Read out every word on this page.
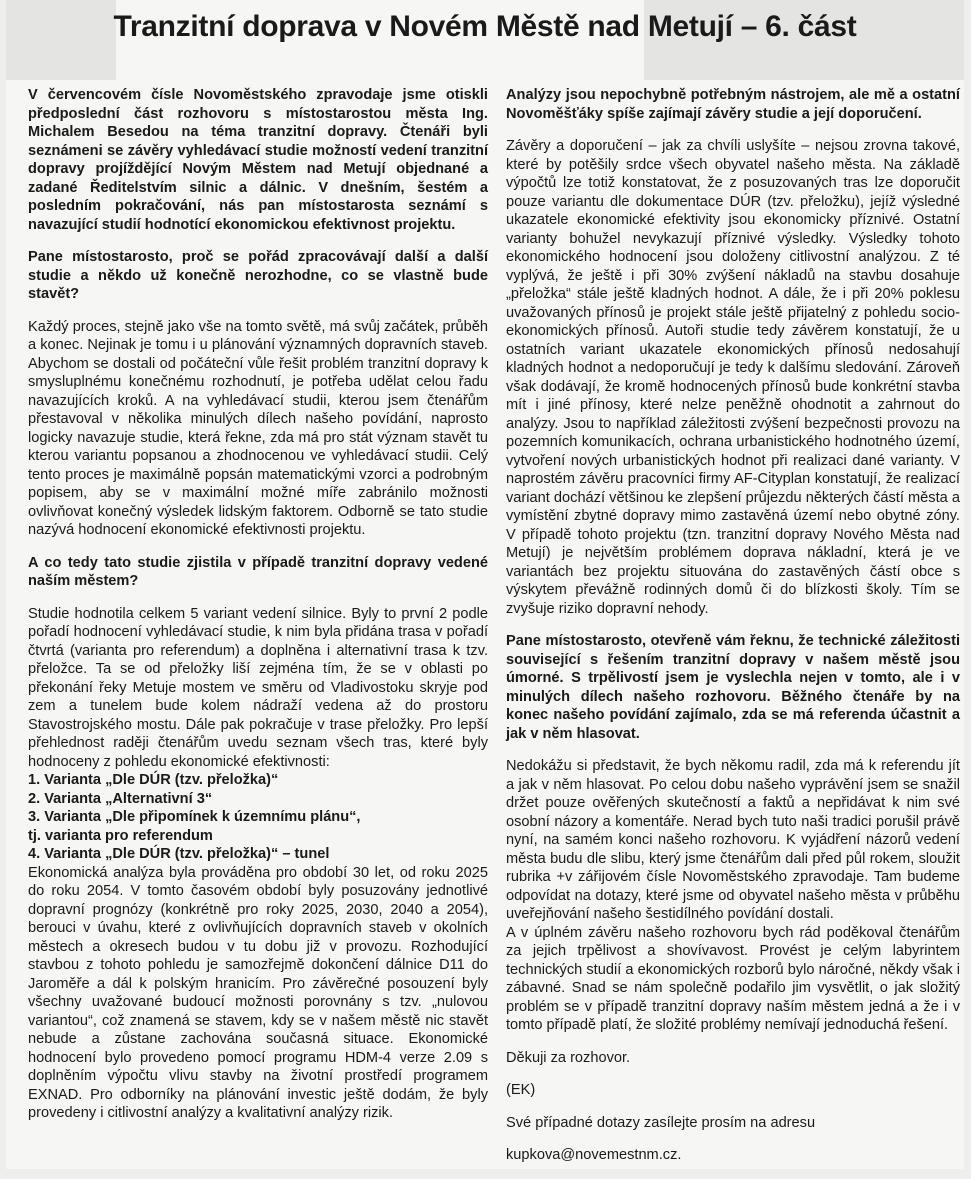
Tranzitní doprava v Novém Městě nad Metují – 6. část

V červencovém čísle Novoměstského zpravodaje jsme otiskli předposlední část rozhovoru s místostarostou města Ing. Michalem Besedou na téma tranzitní dopravy. Čtenáři byli seznámeni se závěry vyhledávací studie možností vedení tranzitní dopravy projíždějící Novým Městem nad Metují objednané a zadané Ředitelstvím silnic a dálnic. V dnešním, šestém a posledním pokračování, nás pan místostarosta seznámí s navazující studií hodnotící ekonomickou efektivnost projektu.

Pane místostarosto, proč se pořád zpracovávají další a další studie a někdo už konečně nerozhodne, co se vlastně bude stavět?

Každý proces, stejně jako vše na tomto světě, má svůj začátek, průběh a konec. Nejinak je tomu i u plánování významných dopravních staveb. Abychom se dostali od počáteční vůle řešit problém tranzitní dopravy k smysluplnému konečnému rozhodnutí, je potřeba udělat celou řadu navazujících kroků. A na vyhledávací studii, kterou jsem čtenářům přestavoval v několika minulých dílech našeho povídání, naprosto logicky navazuje studie, která řekne, zda má pro stát význam stavět tu kterou variantu popsanou a zhodnocenou ve vyhledávací studii. Celý tento proces je maximálně popsán matematickými vzorci a podrobným popisem, aby se v maximální možné míře zabránilo možnosti ovlivňovat konečný výsledek lidským faktorem. Odborně se tato studie nazývá hodnocení ekonomické efektivnosti projektu.

A co tedy tato studie zjistila v případě tranzitní dopravy vedené naším městem?

Studie hodnotila celkem 5 variant vedení silnice. Byly to první 2 podle pořadí hodnocení vyhledávací studie, k nim byla přidána trasa v pořadí čtvrtá (varianta pro referendum) a doplněna i alternativní trasa k tzv. přeložce. Ta se od přeložky liší zejména tím, že se v oblasti po překonání řeky Metuje mostem ve směru od Vladivostoku skryje pod zem a tunelem bude kolem nádraží vedena až do prostoru Stavostrojského mostu. Dále pak pokračuje v trase přeložky. Pro lepší přehlednost raději čtenářům uvedu seznam všech tras, které byly hodnoceny z pohledu ekonomické efektivnosti:

1. Varianta „Dle DÚR (tzv. přeložka)“
2. Varianta „Alternativní 3“
3. Varianta „Dle připomínek k územnímu plánu“,
tj. varianta pro referendum
4. Varianta „Dle DÚR (tzv. přeložka)“ – tunel

Ekonomická analýza byla prováděna pro období 30 let, od roku 2025 do roku 2054. V tomto časovém období byly posuzovány jednotlivé dopravní prognózy (konkrétně pro roky 2025, 2030, 2040 a 2054), berouci v úvahu, které z ovlivňujících dopravních staveb v okolních městech a okresech budou v tu dobu již v provozu. Rozhodující stavbou z tohoto pohledu je samozřejmě dokončení dálnice D11 do Jaroměře a dál k polským hranicím. Pro závěrečné posouzení byly všechny uvažované budoucí možnosti porovnány s tzv. „nulovou variantou“, což znamená se stavem, kdy se v našem městě nic stavět nebude a zůstane zachována současná situace. Ekonomické hodnocení bylo provedeno pomocí programu HDM-4 verze 2.09 s doplněním výpočtu vlivu stavby na životní prostředí programem EXNAD. Pro odborníky na plánování investic ještě dodám, že byly provedeny i citlivostní analýzy a kvalitativní analýzy rizik.

Analýzy jsou nepochybně potřebným nástrojem, ale mě a ostatní Novoměšťáky spíše zajímají závěry studie a její doporučení.

Závěry a doporučení – jak za chvíli uslyšíte – nejsou zrovna takové, které by potěšily srdce všech obyvatel našeho města. Na základě výpočtů lze totiž konstatovat, že z posuzovaných tras lze doporučit pouze variantu dle dokumentace DÚR (tzv. přeložku), jejíž výsledné ukazatele ekonomické efektivity jsou ekonomicky příznivé. Ostatní varianty bohužel nevykazují příznivé výsledky. Výsledky tohoto ekonomického hodnocení jsou doloženy citlivostní analýzou. Z té vyplývá, že ještě i při 30% zvýšení nákladů na stavbu dosahuje „přeložka“ stále ještě kladných hodnot. A dále, že i při 20% poklesu uvažovaných přínosů je projekt stále ještě přijatelný z pohledu socio-ekonomických přínosů. Autoři studie tedy závěrem konstatují, že u ostatních variant ukazatele ekonomických přínosů nedosahují kladných hodnot a nedoporučují je tedy k dalšímu sledování. Zároveň však dodávají, že kromě hodnocených přínosů bude konkrétní stavba mít i jiné přínosy, které nelze peněžně ohodnotit a zahrnout do analýzy. Jsou to například záležitosti zvýšení bezpečnosti provozu na pozemních komunikacích, ochrana urbanistického hodnotného území, vytvoření nových urbanistických hodnot při realizaci dané varianty. V naprostém závěru pracovníci firmy AF-Cityplan konstatují, že realizací variant dochází většinou ke zlepšení průjezdu některých částí města a vymístění zbytné dopravy mimo zastavěná území nebo obytné zóny. V případě tohoto projektu (tzn. tranzitní dopravy Nového Města nad Metují) je největším problémem doprava nákladní, která je ve variantách bez projektu situována do zastavěných částí obce s výskytem převážně rodinných domů či do blízkosti školy. Tím se zvyšuje riziko dopravní nehody.

Pane místostarosto, otevřeně vám řeknu, že technické záležitosti související s řešením tranzitní dopravy v našem městě jsou úmorné. S trpělivostí jsem je vyslechla nejen v tomto, ale i v minulých dílech našeho rozhovoru. Běžného čtenáře by na konec našeho povídání zajímalo, zda se má referenda účastnit a jak v něm hlasovat.

Nedokážu si představit, že bych někomu radil, zda má k referendu jít a jak v něm hlasovat. Po celou dobu našeho vyprávění jsem se snažil držet pouze ověřených skutečností a faktů a nepřidávat k nim své osobní názory a komentáře. Nerad bych tuto naši tradici porušil právě nyní, na samém konci našeho rozhovoru. K vyjádření názorů vedení města budu dle slibu, který jsme čtenářům dali před půl rokem, sloužit rubrika +v zářijovém čísle Novoměstského zpravodaje. Tam budeme odpovídat na dotazy, které jsme od obyvatel našeho města v průběhu uveřejňování našeho šestidílného povídání dostali.

A v úplném závěru našeho rozhovoru bych rád poděkoval čtenářům za jejich trpělivost a shovívavost. Provést je celým labyrintem technických studií a ekonomických rozborů bylo náročné, někdy však i zábavné. Snad se nám společně podařilo jim vysvětlit, o jak složitý problém se v případě tranzitní dopravy naším městem jedná a že i v tomto případě platí, že složité problémy nemívají jednoduchá řešení.

Děkuji za rozhovor.

(EK)

Své případné dotazy zasílejte prosím na adresu

kupkova@novemestnm.cz.
